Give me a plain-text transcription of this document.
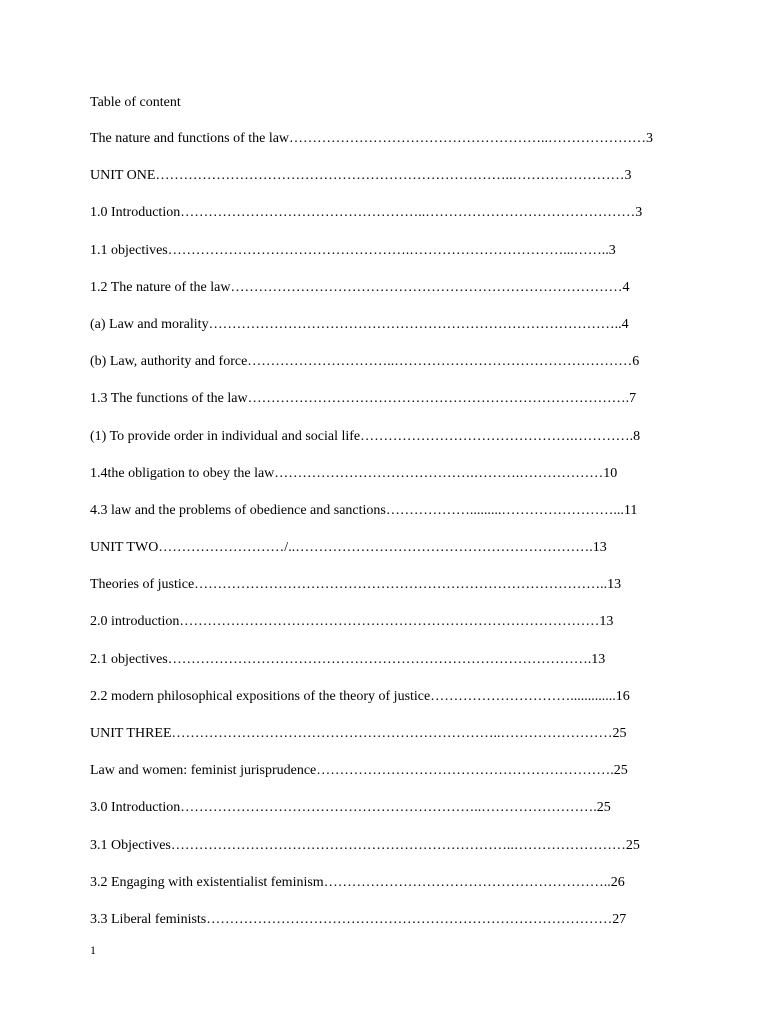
Table of content
The nature and functions of the law………………………………………………..…………………3
UNIT ONE…………………………………………………………………..……………………3
1.0 Introduction……………………………………………..………………………………………3
1.1 objectives…………………………………………….……………………………...……..3
1.2 The nature of the law…………………………………………………………………………4
(a) Law and morality……………………………………………………………………………..4
(b) Law, authority and force…………………………..……………………………………………6
1.3 The functions of the law……………………………………………………………………….7
(1) To provide order in individual and social life……………………………………….………….8
1.4the obligation to obey the law…………………………………….……….………………10
4.3 law and the problems of obedience and sanctions……………….........……………………...11
UNIT TWO………………………/..……………………………………………………….13
Theories of justice……………………………………………………………………………..13
2.0 introduction………………………………………………………………………………13
2.1 objectives……………………………………………………………………………….13
2.2 modern philosophical expositions of the theory of justice………………………….............16
UNIT THREE……………………………………………………………..……………………25
Law and women: feminist jurisprudence……………………………………………………….25
3.0 Introduction………………………………………………………..…………………….25
3.1 Objectives………………………………………………………………..……………………25
3.2 Engaging with existentialist feminism……………………………………………………..26
3.3 Liberal feminists……………………………………………………………………………27
1
